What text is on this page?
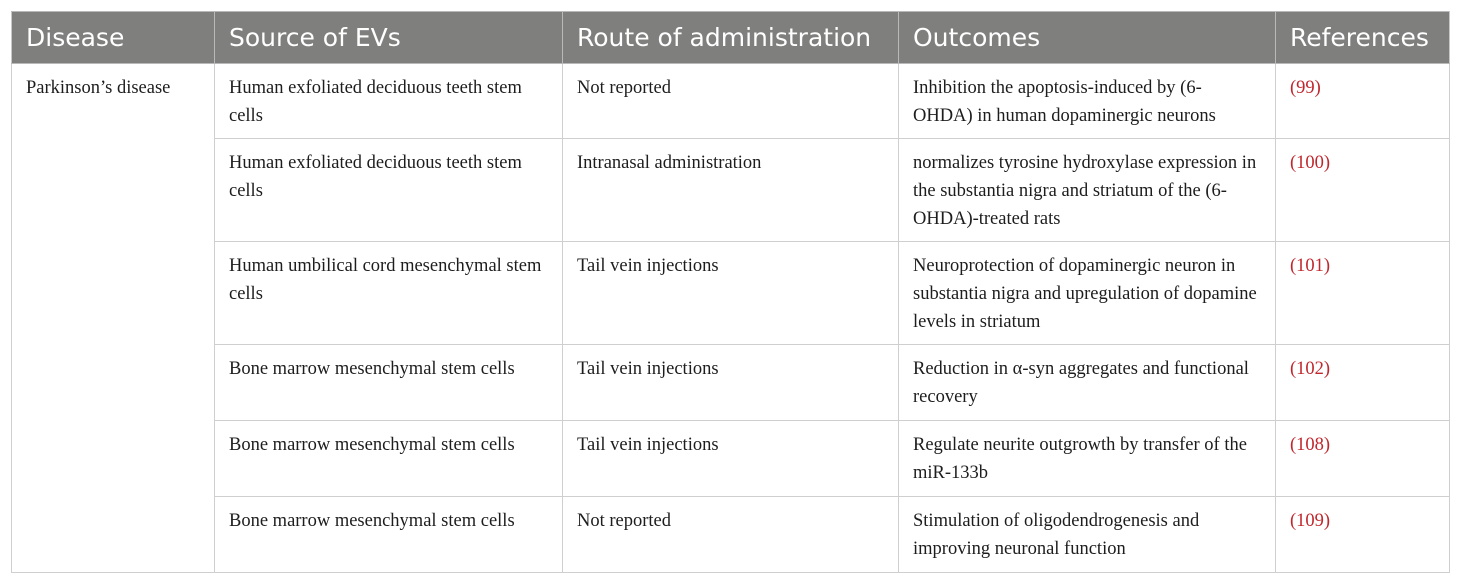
Disease	Source of EVs	Route of administration	Outcomes	References
Parkinson’s disease	Human exfoliated deciduous teeth stem cells	Not reported	Inhibition the apoptosis-induced by (6-OHDA) in human dopaminergic neurons	(99)
	Human exfoliated deciduous teeth stem cells	Intranasal administration	normalizes tyrosine hydroxylase expression in the substantia nigra and striatum of the (6-OHDA)-treated rats	(100)
	Human umbilical cord mesenchymal stem cells	Tail vein injections	Neuroprotection of dopaminergic neuron in substantia nigra and upregulation of dopamine levels in striatum	(101)
	Bone marrow mesenchymal stem cells	Tail vein injections	Reduction in α-syn aggregates and functional recovery	(102)
	Bone marrow mesenchymal stem cells	Tail vein injections	Regulate neurite outgrowth by transfer of the miR-133b	(108)
	Bone marrow mesenchymal stem cells	Not reported	Stimulation of oligodendrogenesis and improving neuronal function	(109)
